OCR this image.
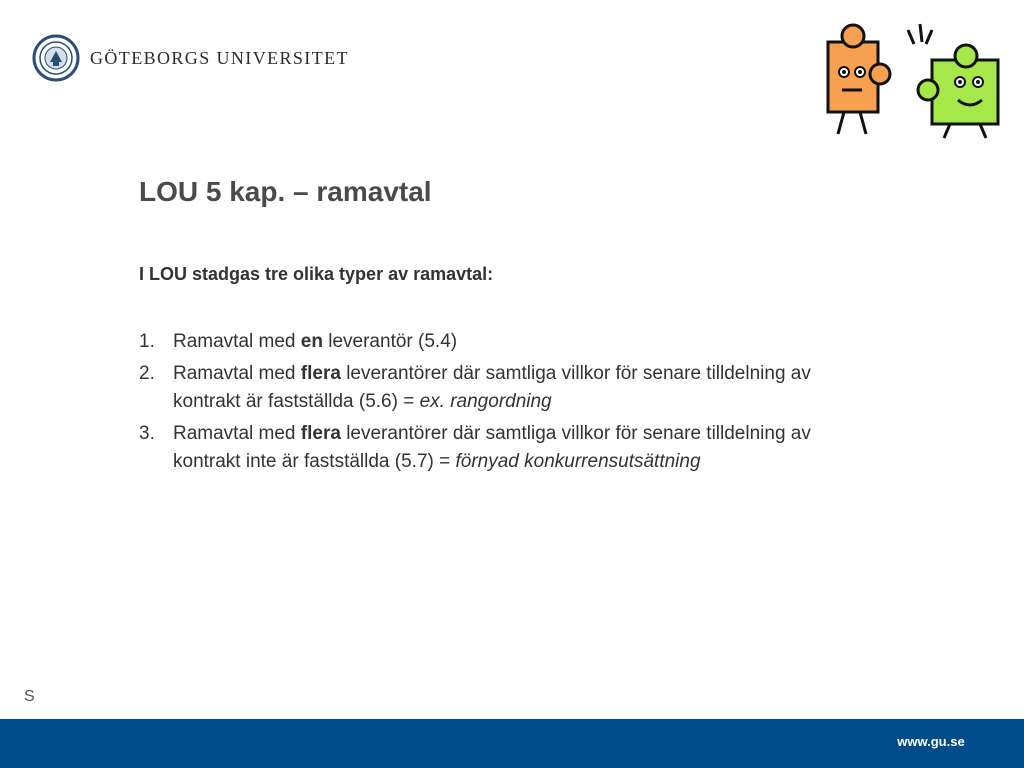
GÖTEBORGS UNIVERSITET
LOU 5 kap. – ramavtal

I LOU stadgas tre olika typer av ramavtal:

1. Ramavtal med en leverantör (5.4)
2. Ramavtal med flera leverantörer där samtliga villkor för senare tilldelning av kontrakt är fastställda (5.6) = ex. rangordning
3. Ramavtal med flera leverantörer där samtliga villkor för senare tilldelning av kontrakt inte är fastställda (5.7) = förnyad konkurrensutsättning
S
www.gu.se
